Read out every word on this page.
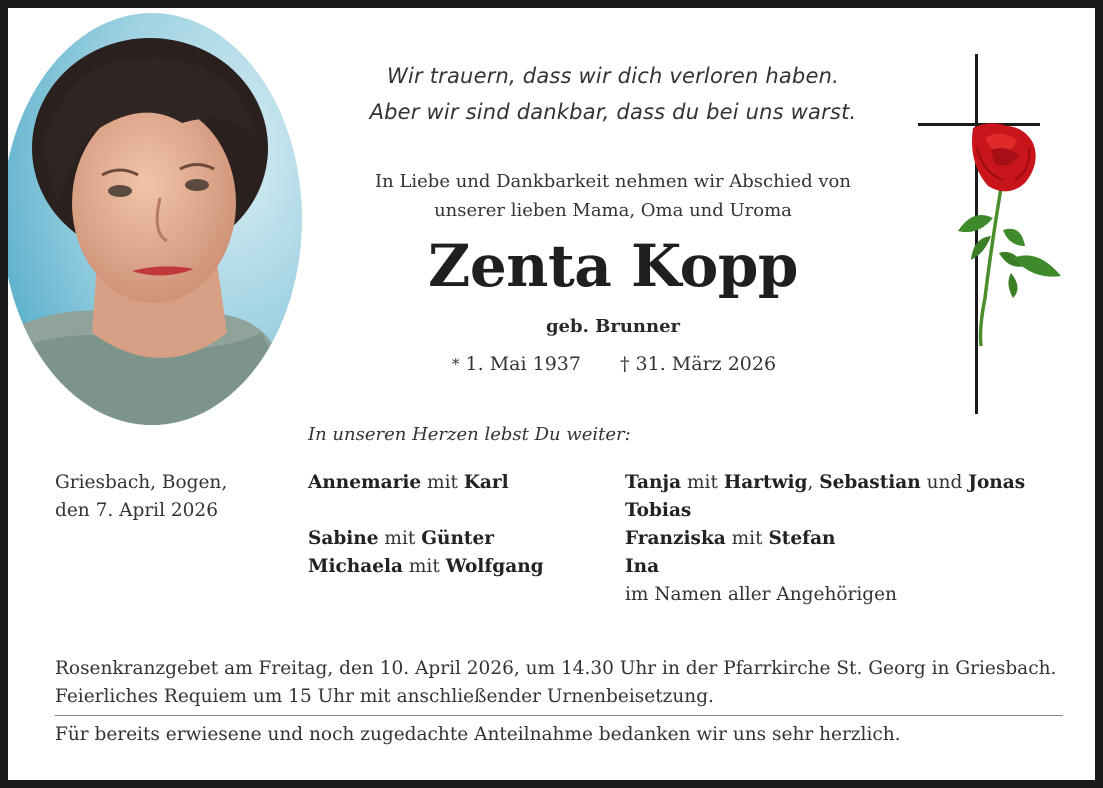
Wir trauern, dass wir dich verloren haben.
Aber wir sind dankbar, dass du bei uns warst.
In Liebe und Dankbarkeit nehmen wir Abschied von
unserer lieben Mama, Oma und Uroma
Zenta Kopp
geb. Brunner
* 1. Mai 1937 † 31. März 2026
In unseren Herzen lebst Du weiter:
Griesbach, Bogen,
den 7. April 2026
Annemarie mit Karl
Sabine mit Günter
Michaela mit Wolfgang
Tanja mit Hartwig, Sebastian und Jonas
Tobias
Franziska mit Stefan
Ina
im Namen aller Angehörigen
Rosenkranzgebet am Freitag, den 10. April 2026, um 14.30 Uhr in der Pfarrkirche St. Georg in Griesbach.
Feierliches Requiem um 15 Uhr mit anschließender Urnenbeisetzung.
Für bereits erwiesene und noch zugedachte Anteilnahme bedanken wir uns sehr herzlich.
